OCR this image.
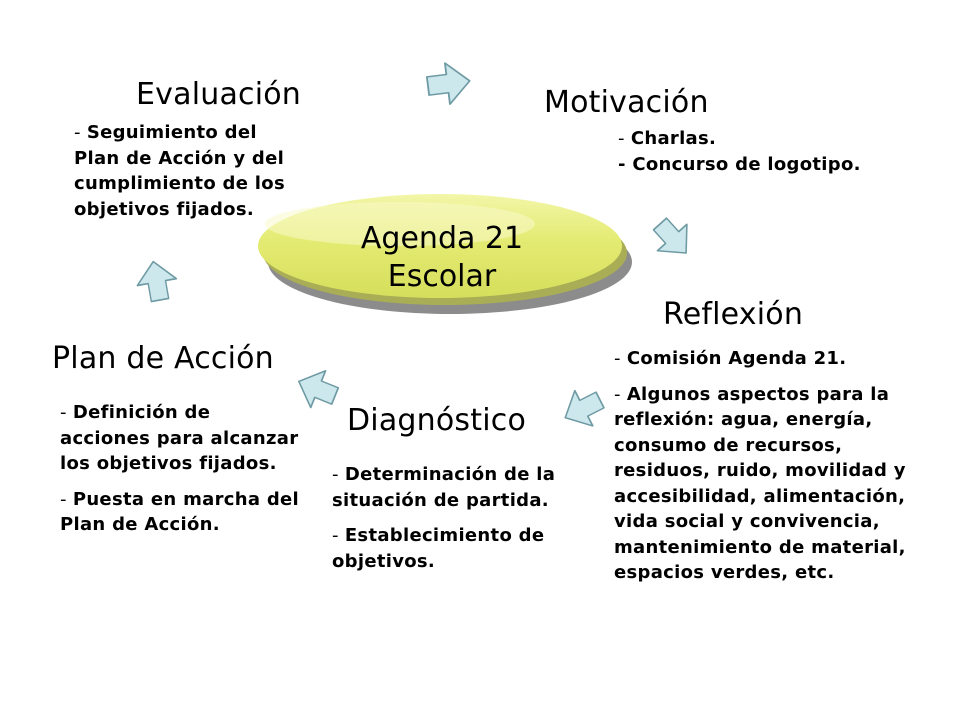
Agenda 21
Escolar
Evaluación
- Seguimiento del Plan de Acción y del cumplimiento de los objetivos fijados.
Motivación
- Charlas.
- Concurso de logotipo.
Reflexión
- Comisión Agenda 21.
- Algunos aspectos para la reflexión: agua, energía, consumo de recursos, residuos, ruido, movilidad y accesibilidad, alimentación, vida social y convivencia, mantenimiento de material, espacios verdes, etc.
Diagnóstico
- Determinación de la situación de partida.
- Establecimiento de objetivos.
Plan de Acción
- Definición de acciones para alcanzar los objetivos fijados.
- Puesta en marcha del Plan de Acción.
